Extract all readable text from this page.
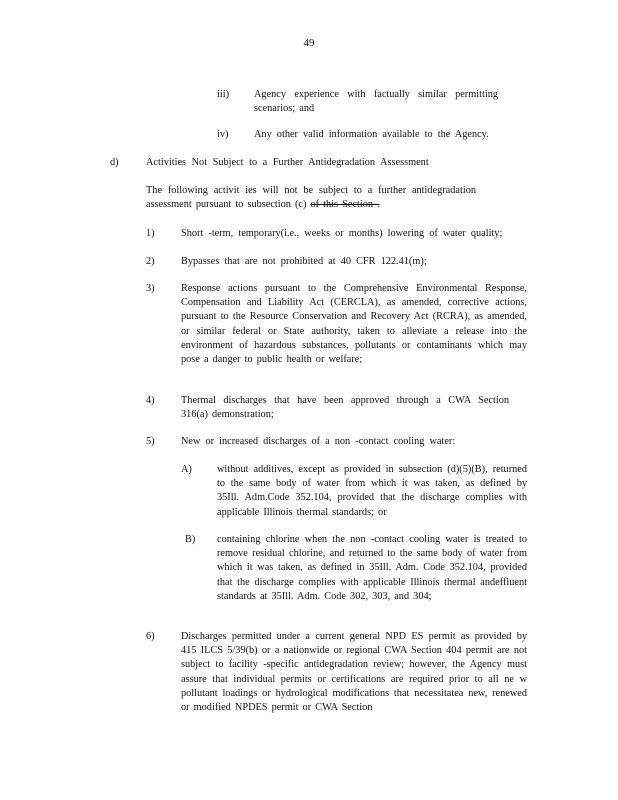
49
iii) Agency experience with factually similar permitting scenarios; and
iv) Any other valid information available to the Agency.
d)	Activities Not Subject to a Further Antidegradation Assessment
The following activit ies will not be subject to a further antidegradation assessment pursuant to subsection (c) of this Section .
1)	Short -term, temporary(i.e., weeks or months) lowering of water quality;
2)	Bypasses that are not prohibited at 40 CFR 122.41(m);
3)	Response actions pursuant to the Comprehensive Environmental Response, Compensation and Liability Act (CERCLA), as amended, corrective actions, pursuant to the Resource Conservation and Recovery Act (RCRA), as amended, or similar federal or State authority, taken to alleviate a release into the environment of hazardous substances, pollutants or contaminants which may pose a danger to public health or welfare;
4)	Thermal discharges that have been approved through a CWA Section 316(a) demonstration;
5)	New or increased discharges of a non -contact cooling water:
A) without additives, except as provided in subsection (d)(5)(B), returned to the same body of water from which it was taken, as defined by 35Ill. Adm.Code 352.104, provided that the discharge complies with applicable Illinois thermal standards; or
B) containing chlorine when the non -contact cooling water is treated to remove residual chlorine, and returned to the same body of water from which it was taken, as defined in 35Ill. Adm. Code 352.104, provided that the discharge complies with applicable Illinois thermal andeffluent standards at 35Ill. Adm. Code 302, 303, and 304;
6)	Discharges permitted under a current general NPD ES permit as provided by 415 ILCS 5/39(b) or a nationwide or regional CWA Section 404 permit are not subject to facility -specific antidegradation review; however, the Agency must assure that individual permits or certifications are required prior to all ne w pollutant loadings or hydrological modifications that necessitatea new, renewed or modified NPDES permit or CWA Section
